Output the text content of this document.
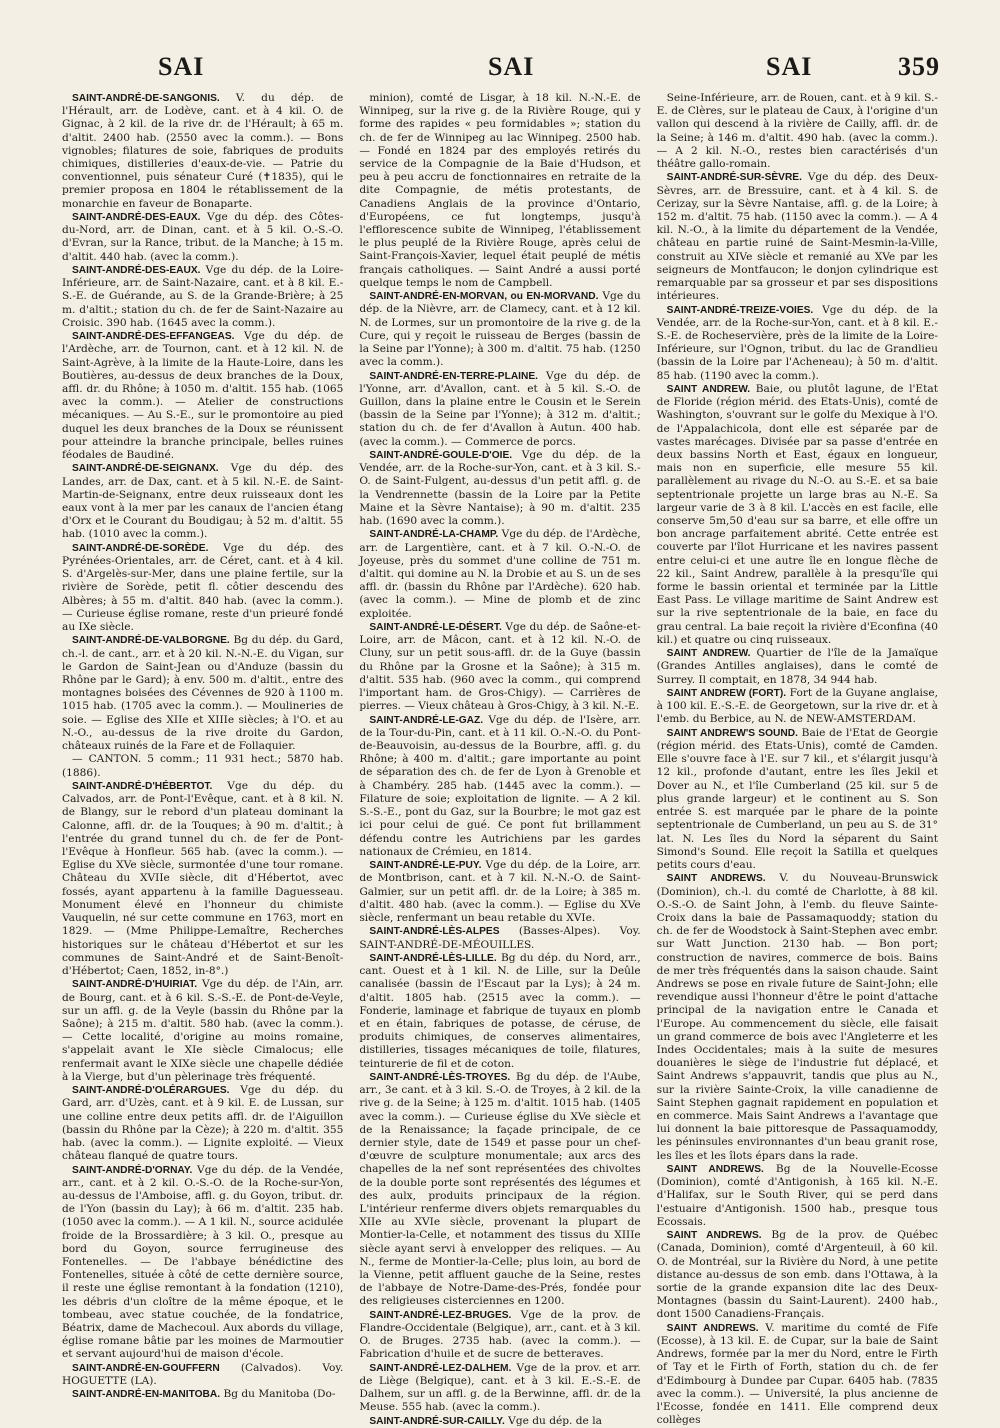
SAI	SAI	SAI	359

SAINT-ANDRÉ-DE-SANGONIS. V. du dép. de l'Hérault, arr. de Lodève, cant. et à 4 kil. O. de Gignac, à 2 kil. de la rive dr. de l'Hérault; à 65 m. d'altit. 2400 hab. (2550 avec la comm.). — Bons vignobles; filatures de soie, fabriques de produits chimiques, distilleries d'eaux-de-vie. — Patrie du conventionnel, puis sénateur Curé (✝1835), qui le premier proposa en 1804 le rétablissement de la monarchie en faveur de Bonaparte.

SAINT-ANDRÉ-DES-EAUX. Vge du dép. des Côtes-du-Nord, arr. de Dinan, cant. et à 5 kil. O.-S.-O. d'Evran, sur la Rance, tribut. de la Manche; à 15 m. d'altit. 440 hab. (avec la comm.).

SAINT-ANDRÉ-DES-EAUX. Vge du dép. de la Loire-Inférieure, arr. de Saint-Nazaire, cant. et à 8 kil. E.-S.-E. de Guérande, au S. de la Grande-Brière; à 25 m. d'altit.; station du ch. de fer de Saint-Nazaire au Croisic. 390 hab. (1645 avec la comm.).

SAINT-ANDRÉ-DES-EFFANGEAS. Vge du dép. de l'Ardèche, arr. de Tournon, cant. et à 12 kil. N. de Saint-Agrève, à la limite de la Haute-Loire, dans les Boutières, au-dessus de deux branches de la Doux, affl. dr. du Rhône; à 1050 m. d'altit. 155 hab. (1065 avec la comm.). — Atelier de constructions mécaniques. — Au S.-E., sur le promontoire au pied duquel les deux branches de la Doux se réunissent pour atteindre la branche principale, belles ruines féodales de Baudiné.

SAINT-ANDRÉ-DE-SEIGNANX. Vge du dép. des Landes, arr. de Dax, cant. et à 5 kil. N.-E. de Saint-Martin-de-Seignanx, entre deux ruisseaux dont les eaux vont à la mer par les canaux de l'ancien étang d'Orx et le Courant du Boudigau; à 52 m. d'altit. 55 hab. (1010 avec la comm.).

SAINT-ANDRÉ-DE-SORÈDE. Vge du dép. des Pyrénées-Orientales, arr. de Céret, cant. et à 4 kil. S. d'Argelès-sur-Mer, dans une plaine fertile, sur la rivière de Sorède, petit fl. côtier descendu des Albères; à 55 m. d'altit. 840 hab. (avec la comm.). — Curieuse église romane, reste d'un prieuré fondé au IXe siècle.

SAINT-ANDRÉ-DE-VALBORGNE. Bg du dép. du Gard, ch.-l. de cant., arr. et à 20 kil. N.-N.-E. du Vigan, sur le Gardon de Saint-Jean ou d'Anduze (bassin du Rhône par le Gard); à env. 500 m. d'altit., entre des montagnes boisées des Cévennes de 920 à 1100 m. 1015 hab. (1705 avec la comm.). — Moulineries de soie. — Eglise des XIIe et XIIIe siècles; à l'O. et au N.-O., au-dessus de la rive droite du Gardon, châteaux ruinés de la Fare et de Follaquier.

— CANTON. 5 comm.; 11 931 hect.; 5870 hab. (1886).

SAINT-ANDRÉ-D'HÉBERTOT. Vge du dép. du Calvados, arr. de Pont-l'Evêque, cant. et à 8 kil. N. de Blangy, sur le rebord d'un plateau dominant la Calonne, affl. dr. de la Touques; à 90 m. d'altit.; à l'entrée du grand tunnel du ch. de fer de Pont-l'Evêque à Honfleur. 565 hab. (avec la comm.). — Eglise du XVe siècle, surmontée d'une tour romane. Château du XVIIe siècle, dit d'Hébertot, avec fossés, ayant appartenu à la famille Daguesseau. Monument élevé en l'honneur du chimiste Vauquelin, né sur cette commune en 1763, mort en 1829. — (Mme Philippe-Lemaître, Recherches historiques sur le château d'Hébertot et sur les communes de Saint-André et de Saint-Benoît-d'Hébertot; Caen, 1852, in-8°.)

SAINT-ANDRÉ-D'HUIRIAT. Vge du dép. de l'Ain, arr. de Bourg, cant. et à 6 kil. S.-S.-E. de Pont-de-Veyle, sur un affl. g. de la Veyle (bassin du Rhône par la Saône); à 215 m. d'altit. 580 hab. (avec la comm.). — Cette localité, d'origine au moins romaine, s'appelait avant le XIe siècle Cimalocus; elle renfermait avant le XIXe siècle une chapelle dédiée à la Vierge, but d'un pèlerinage très fréquenté.

SAINT-ANDRÉ-D'OLÉRARGUES. Vge du dép. du Gard, arr. d'Uzès, cant. et à 9 kil. E. de Lussan, sur une colline entre deux petits affl. dr. de l'Aiguillon (bassin du Rhône par la Cèze); à 220 m. d'altit. 355 hab. (avec la comm.). — Lignite exploité. — Vieux château flanqué de quatre tours.

SAINT-ANDRÉ-D'ORNAY. Vge du dép. de la Vendée, arr., cant. et à 2 kil. O.-S.-O. de la Roche-sur-Yon, au-dessus de l'Amboise, affl. g. du Goyon, tribut. dr. de l'Yon (bassin du Lay); à 66 m. d'altit. 235 hab. (1050 avec la comm.). — A 1 kil. N., source acidulée froide de la Brossardière; à 3 kil. O., presque au bord du Goyon, source ferrugineuse des Fontenelles. — De l'abbaye bénédictine des Fontenelles, située à côté de cette dernière source, il reste une église remontant à la fondation (1210), les débris d'un cloître de la même époque, et le tombeau, avec statue couchée, de la fondatrice, Béatrix, dame de Machecoul. Aux abords du village, église romane bâtie par les moines de Marmoutier et servant aujourd'hui de maison d'école.

SAINT-ANDRÉ-EN-GOUFFERN (Calvados). Voy. HOGUETTE (LA).

SAINT-ANDRÉ-EN-MANITOBA. Bg du Manitoba (Do-

minion), comté de Lisgar, à 18 kil. N.-N.-E. de Winnipeg, sur la rive g. de la Rivière Rouge, qui y forme des rapides « peu formidables »; station du ch. de fer de Winnipeg au lac Winnipeg. 2500 hab. — Fondé en 1824 par des employés retirés du service de la Compagnie de la Baie d'Hudson, et peu à peu accru de fonctionnaires en retraite de la dite Compagnie, de métis protestants, de Canadiens Anglais de la province d'Ontario, d'Européens, ce fut longtemps, jusqu'à l'efflorescence subite de Winnipeg, l'établissement le plus peuplé de la Rivière Rouge, après celui de Saint-François-Xavier, lequel était peuplé de métis français catholiques. — Saint André a aussi porté quelque temps le nom de Campbell.

SAINT-ANDRÉ-EN-MORVAN, ou EN-MORVAND. Vge du dép. de la Nièvre, arr. de Clamecy, cant. et à 12 kil. N. de Lormes, sur un promontoire de la rive g. de la Cure, qui y reçoit le ruisseau de Berges (bassin de la Seine par l'Yonne); à 300 m. d'altit. 75 hab. (1250 avec la comm.).

SAINT-ANDRÉ-EN-TERRE-PLAINE. Vge du dép. de l'Yonne, arr. d'Avallon, cant. et à 5 kil. S.-O. de Guillon, dans la plaine entre le Cousin et le Serein (bassin de la Seine par l'Yonne); à 312 m. d'altit.; station du ch. de fer d'Avallon à Autun. 400 hab. (avec la comm.). — Commerce de porcs.

SAINT-ANDRÉ-GOULE-D'OIE. Vge du dép. de la Vendée, arr. de la Roche-sur-Yon, cant. et à 3 kil. S.-O. de Saint-Fulgent, au-dessus d'un petit affl. g. de la Vendrennette (bassin de la Loire par la Petite Maine et la Sèvre Nantaise); à 90 m. d'altit. 235 hab. (1690 avec la comm.).

SAINT-ANDRÉ-LA-CHAMP. Vge du dép. de l'Ardèche, arr. de Largentière, cant. et à 7 kil. O.-N.-O. de Joyeuse, près du sommet d'une colline de 751 m. d'altit. qui domine au N. la Drobie et au S. un de ses affl. dr. (bassin du Rhône par l'Ardèche). 620 hab. (avec la comm.). — Mine de plomb et de zinc exploitée.

SAINT-ANDRÉ-LE-DÉSERT. Vge du dép. de Saône-et-Loire, arr. de Mâcon, cant. et à 12 kil. N.-O. de Cluny, sur un petit sous-affl. dr. de la Guye (bassin du Rhône par la Grosne et la Saône); à 315 m. d'altit. 535 hab. (960 avec la comm., qui comprend l'important ham. de Gros-Chigy). — Carrières de pierres. — Vieux château à Gros-Chigy, à 3 kil. N.-E.

SAINT-ANDRÉ-LE-GAZ. Vge du dép. de l'Isère, arr. de la Tour-du-Pin, cant. et à 11 kil. O.-N.-O. du Pont-de-Beauvoisin, au-dessus de la Bourbre, affl. g. du Rhône; à 400 m. d'altit.; gare importante au point de séparation des ch. de fer de Lyon à Grenoble et à Chambéry. 285 hab. (1445 avec la comm.). — Filature de soie; exploitation de lignite. — A 2 kil. S.-S.-E., pont du Gaz, sur la Bourbre; le mot gaz est ici pour celui de gué. Ce pont fut brillamment défendu contre les Autrichiens par les gardes nationaux de Crémieu, en 1814.

SAINT-ANDRÉ-LE-PUY. Vge du dép. de la Loire, arr. de Montbrison, cant. et à 7 kil. N.-N.-O. de Saint-Galmier, sur un petit affl. dr. de la Loire; à 385 m. d'altit. 480 hab. (avec la comm.). — Eglise du XVe siècle, renfermant un beau retable du XVIe.

SAINT-ANDRÉ-LÈS-ALPES (Basses-Alpes). Voy. SAINT-ANDRÉ-DE-MÉOUILLES.

SAINT-ANDRÉ-LÈS-LILLE. Bg du dép. du Nord, arr., cant. Ouest et à 1 kil. N. de Lille, sur la Deûle canalisée (bassin de l'Escaut par la Lys); à 24 m. d'altit. 1805 hab. (2515 avec la comm.). — Fonderie, laminage et fabrique de tuyaux en plomb et en étain, fabriques de potasse, de céruse, de produits chimiques, de conserves alimentaires, distilleries, tissages mécaniques de toile, filatures, teinturerie de fil et de coton.

SAINT-ANDRÉ-LÈS-TROYES. Bg du dép. de l'Aube, arr., 3e cant. et à 3 kil. S.-O. de Troyes, à 2 kil. de la rive g. de la Seine; à 125 m. d'altit. 1015 hab. (1405 avec la comm.). — Curieuse église du XVe siècle et de la Renaissance; la façade principale, de ce dernier style, date de 1549 et passe pour un chef-d'œuvre de sculpture monumentale; aux arcs des chapelles de la nef sont représentées des chivoltes de la double porte sont représentés des légumes et des aulx, produits principaux de la région. L'intérieur renferme divers objets remarquables du XIIe au XVIe siècle, provenant la plupart de Montier-la-Celle, et notamment des tissus du XIIIe siècle ayant servi à envelopper des reliques. — Au N., ferme de Montier-la-Celle; plus loin, au bord de la Vienne, petit affluent gauche de la Seine, restes de l'abbaye de Notre-Dame-des-Prés, fondée pour des religieuses cisterciennes en 1200.

SAINT-ANDRÉ-LEZ-BRUGES. Vge de la prov. de Flandre-Occidentale (Belgique), arr., cant. et à 3 kil. O. de Bruges. 2735 hab. (avec la comm.). — Fabrication d'huile et de sucre de betteraves.

SAINT-ANDRÉ-LEZ-DALHEM. Vge de la prov. et arr. de Liège (Belgique), cant. et à 3 kil. E.-S.-E. de Dalhem, sur un affl. g. de la Berwinne, affl. dr. de la Meuse. 555 hab. (avec la comm.).

SAINT-ANDRÉ-SUR-CAILLY. Vge du dép. de la

Seine-Inférieure, arr. de Rouen, cant. et à 9 kil. S.-E. de Clères, sur le plateau de Caux, à l'origine d'un vallon qui descend à la rivière de Cailly, affl. dr. de la Seine; à 146 m. d'altit. 490 hab. (avec la comm.). — A 2 kil. N.-O., restes bien caractérisés d'un théâtre gallo-romain.

SAINT-ANDRÉ-SUR-SÈVRE. Vge du dép. des Deux-Sèvres, arr. de Bressuire, cant. et à 4 kil. S. de Cerizay, sur la Sèvre Nantaise, affl. g. de la Loire; à 152 m. d'altit. 75 hab. (1150 avec la comm.). — A 4 kil. N.-O., à la limite du département de la Vendée, château en partie ruiné de Saint-Mesmin-la-Ville, construit au XIVe siècle et remanié au XVe par les seigneurs de Montfaucon; le donjon cylindrique est remarquable par sa grosseur et par ses dispositions intérieures.

SAINT-ANDRÉ-TREIZE-VOIES. Vge du dép. de la Vendée, arr. de la Roche-sur-Yon, cant. et à 8 kil. E.-S.-E. de Rocheservière, près de la limite de la Loire-Inférieure, sur l'Ognon, tribut. du lac de Grandlieu (bassin de la Loire par l'Acheneau); à 50 m. d'altit. 85 hab. (1190 avec la comm.).

SAINT ANDREW. Baie, ou plutôt lagune, de l'Etat de Floride (région mérid. des Etats-Unis), comté de Washington, s'ouvrant sur le golfe du Mexique à l'O. de l'Appalachicola, dont elle est séparée par de vastes marécages. Divisée par sa passe d'entrée en deux bassins North et East, égaux en longueur, mais non en superficie, elle mesure 55 kil. parallèlement au rivage du N.-O. au S.-E. et sa baie septentrionale projette un large bras au N.-E. Sa largeur varie de 3 à 8 kil. L'accès en est facile, elle conserve 5m,50 d'eau sur sa barre, et elle offre un bon ancrage parfaitement abrité. Cette entrée est couverte par l'îlot Hurricane et les navires passent entre celui-ci et une autre île en longue flèche de 22 kil., Saint Andrew, parallèle à la presqu'île qui forme le bassin oriental et terminée par la Little East Pass. Le village maritime de Saint Andrew est sur la rive septentrionale de la baie, en face du grau central. La baie reçoit la rivière d'Econfina (40 kil.) et quatre ou cinq ruisseaux.

SAINT ANDREW. Quartier de l'île de la Jamaïque (Grandes Antilles anglaises), dans le comté de Surrey. Il comptait, en 1878, 34 944 hab.

SAINT ANDREW (FORT). Fort de la Guyane anglaise, à 100 kil. E.-S.-E. de Georgetown, sur la rive dr. et à l'emb. du Berbice, au N. de NEW-AMSTERDAM.

SAINT ANDREW'S SOUND. Baie de l'Etat de Georgie (région mérid. des Etats-Unis), comté de Camden. Elle s'ouvre face à l'E. sur 7 kil., et s'élargit jusqu'à 12 kil., profonde d'autant, entre les îles Jekil et Dover au N., et l'île Cumberland (25 kil. sur 5 de plus grande largeur) et le continent au S. Son entrée S. est marquée par le phare de la pointe septentrionale de Cumberland, un peu au S. de 31° lat. N. Les îles du Nord la séparent du Saint Simond's Sound. Elle reçoit la Satilla et quelques petits cours d'eau.

SAINT ANDREWS. V. du Nouveau-Brunswick (Dominion), ch.-l. du comté de Charlotte, à 88 kil. O.-S.-O. de Saint John, à l'emb. du fleuve Sainte-Croix dans la baie de Passamaquoddy; station du ch. de fer de Woodstock à Saint-Stephen avec embr. sur Watt Junction. 2130 hab. — Bon port; construction de navires, commerce de bois. Bains de mer très fréquentés dans la saison chaude. Saint Andrews se pose en rivale future de Saint-John; elle revendique aussi l'honneur d'être le point d'attache principal de la navigation entre le Canada et l'Europe. Au commencement du siècle, elle faisait un grand commerce de bois avec l'Angleterre et les Indes Occidentales; mais à la suite de mesures douanières le siège de l'industrie fut déplacé, et Saint Andrews s'appauvrit, tandis que plus au N., sur la rivière Sainte-Croix, la ville canadienne de Saint Stephen gagnait rapidement en population et en commerce. Mais Saint Andrews a l'avantage que lui donnent la baie pittoresque de Passaquamoddy, les péninsules environnantes d'un beau granit rose, les îles et les îlots épars dans la rade.

SAINT ANDREWS. Bg de la Nouvelle-Ecosse (Dominion), comté d'Antigonish, à 165 kil. N.-E. d'Halifax, sur le South River, qui se perd dans l'estuaire d'Antigonish. 1500 hab., presque tous Ecossais.

SAINT ANDREWS. Bg de la prov. de Québec (Canada, Dominion), comté d'Argenteuil, à 60 kil. O. de Montréal, sur la Rivière du Nord, à une petite distance au-dessus de son emb. dans l'Ottawa, à la sortie de la grande expansion dite lac des Deux-Montagnes (bassin du Saint-Laurent). 2400 hab., dont 1500 Canadiens-Français.

SAINT ANDREWS. V. maritime du comté de Fife (Ecosse), à 13 kil. E. de Cupar, sur la baie de Saint Andrews, formée par la mer du Nord, entre le Firth of Tay et le Firth of Forth, station du ch. de fer d'Edimbourg à Dundee par Cupar. 6405 hab. (7835 avec la comm.). — Université, la plus ancienne de l'Ecosse, fondée en 1411. Elle comprend deux collèges
